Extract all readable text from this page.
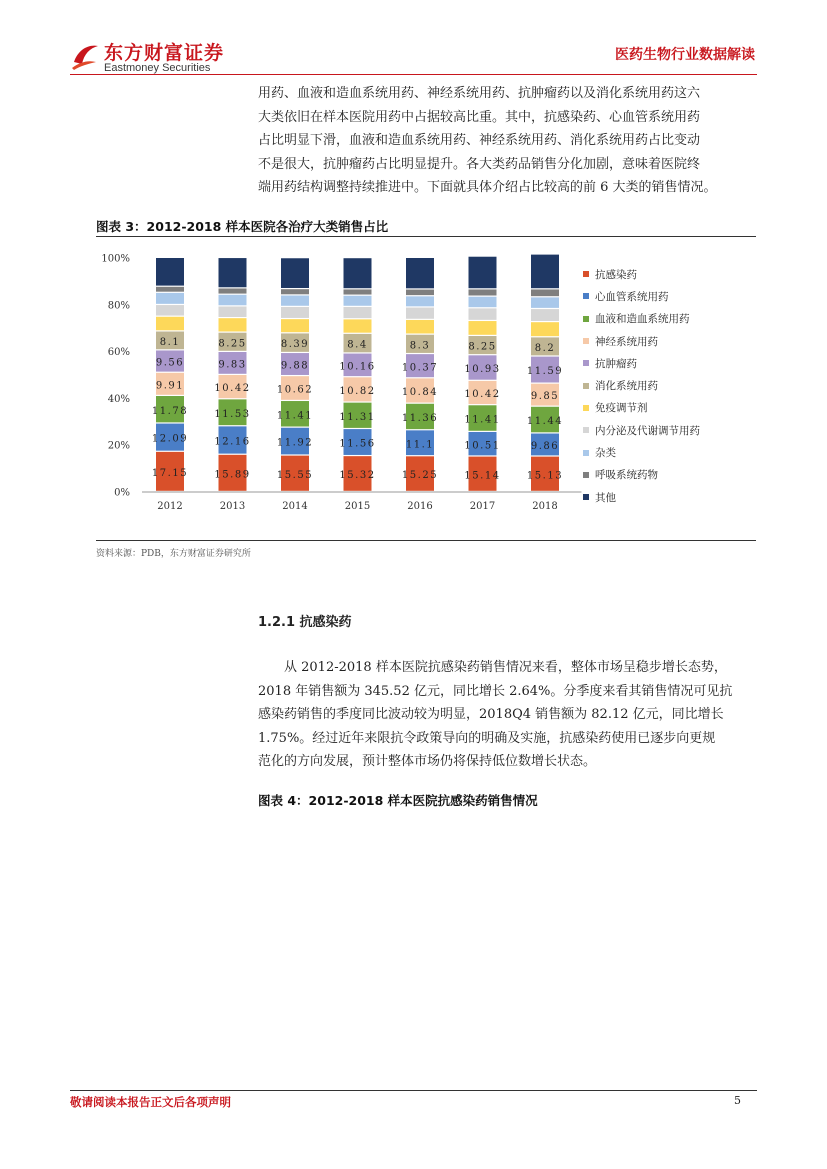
东方财富证券
Eastmoney Securities
医药生物行业数据解读

用药、血液和造血系统用药、神经系统用药、抗肿瘤药以及消化系统用药这六
大类依旧在样本医院用药中占据较高比重。其中，抗感染药、心血管系统用药
占比明显下滑，血液和造血系统用药、神经系统用药、消化系统用药占比变动
不是很大，抗肿瘤药占比明显提升。各大类药品销售分化加剧，意味着医院终
端用药结构调整持续推进中。下面就具体介绍占比较高的前 6 大类的销售情况。

图表 3：2012-2018 样本医院各治疗大类销售占比
0%
20%
40%
60%
80%
100%
17.15
12.09
11.78
9.91
9.56
8.1
2012
15.89
12.16
11.53
10.42
9.83
8.25
2013
15.55
11.92
11.41
10.62
9.88
8.39
2014
15.32
11.56
11.31
10.82
10.16
8.4
2015
15.25
11.1
11.36
10.84
10.37
8.3
2016
15.14
10.51
11.41
10.42
10.93
8.25
2017
15.13
9.86
11.44
9.85
11.59
8.2
2018
抗感染药
心血管系统用药
血液和造血系统用药
神经系统用药
抗肿瘤药
消化系统用药
免疫调节剂
内分泌及代谢调节用药
杂类
呼吸系统药物
其他
资料来源：PDB，东方财富证券研究所
1.2.1 抗感染药

　　从 2012-2018 样本医院抗感染药销售情况来看，整体市场呈稳步增长态势，
2018 年销售额为 345.52 亿元，同比增长 2.64%。分季度来看其销售情况可见抗
感染药销售的季度同比波动较为明显，2018Q4 销售额为 82.12 亿元，同比增长
1.75%。经过近年来限抗令政策导向的明确及实施，抗感染药使用已逐步向更规
范化的方向发展，预计整体市场仍将保持低位数增长状态。

图表 4：2012-2018 样本医院抗感染药销售情况
敬请阅读本报告正文后各项声明	5
